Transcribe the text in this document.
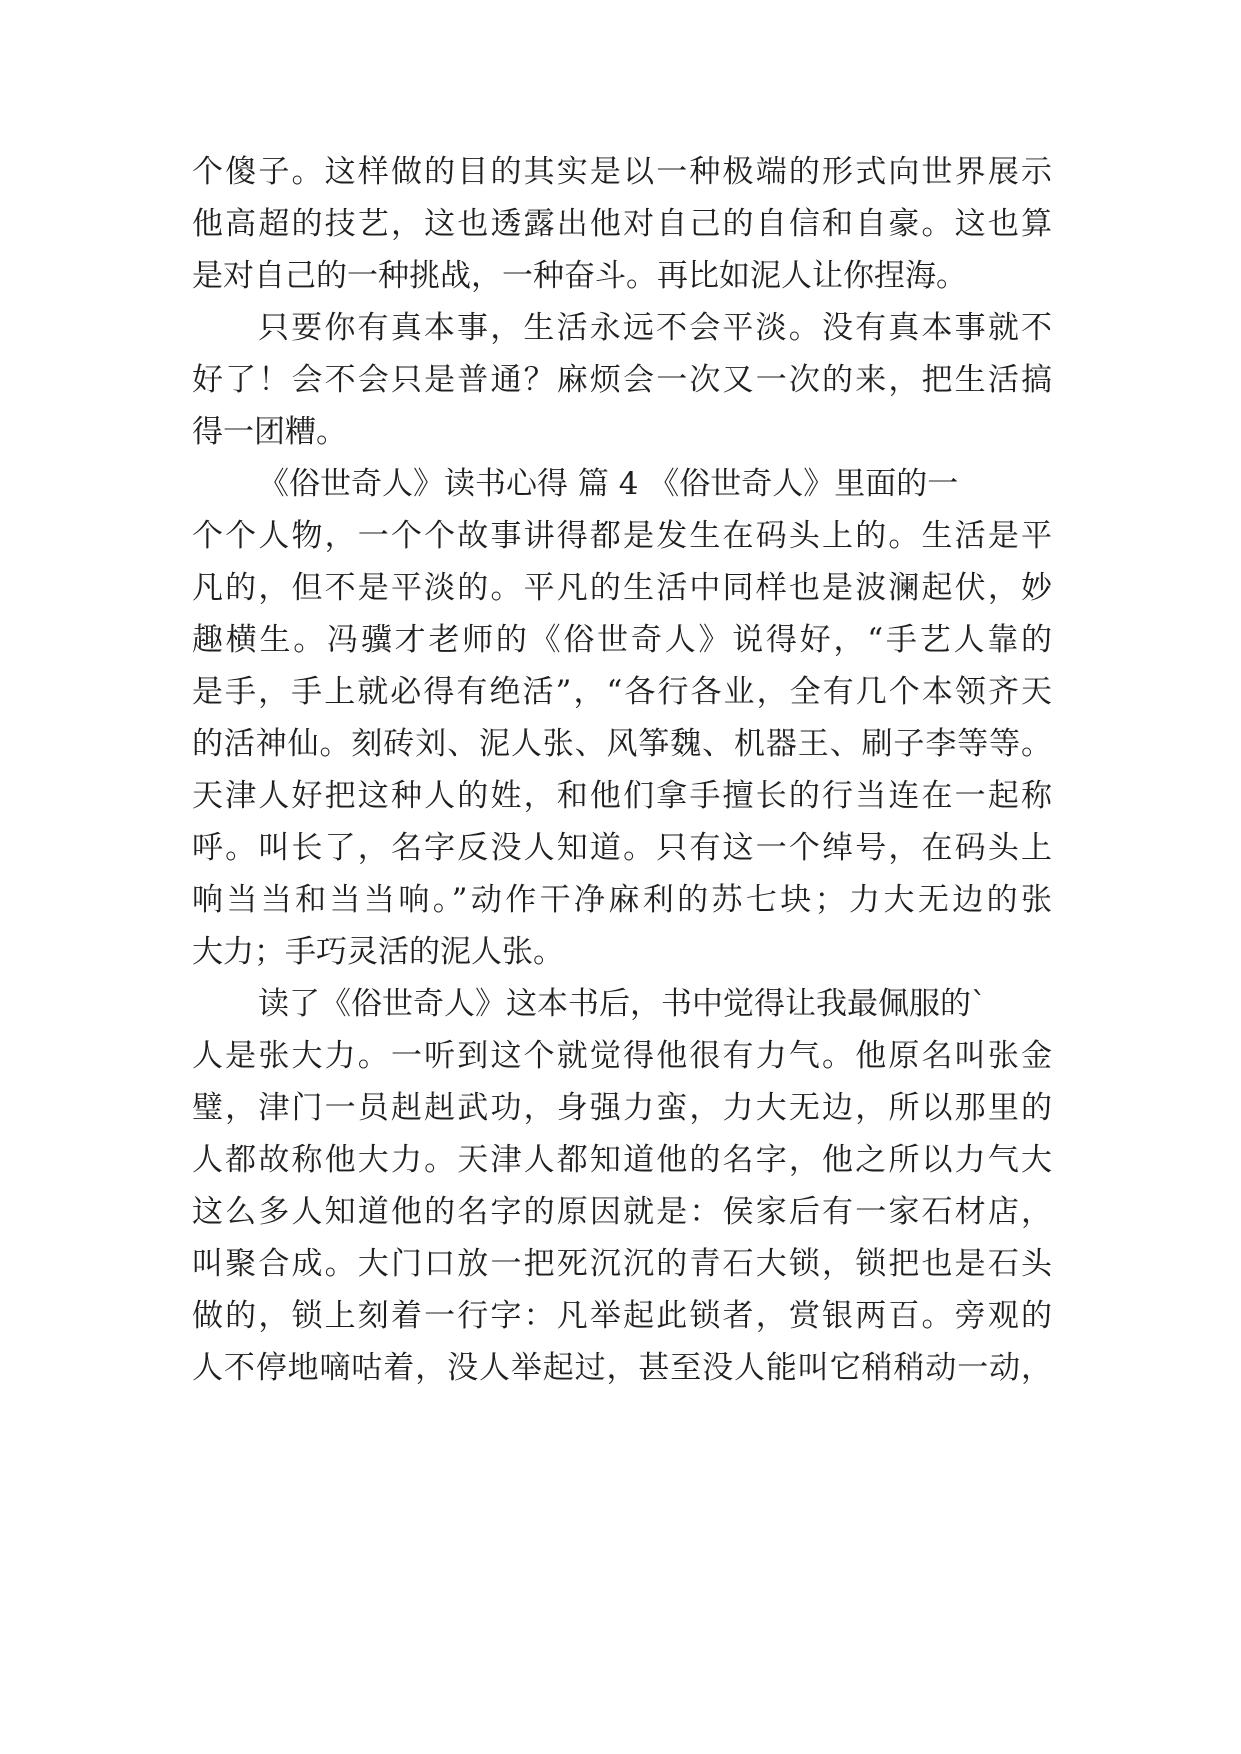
个傻子。这样做的目的其实是以一种极端的形式向世界展示
他高超的技艺，这也透露出他对自己的自信和自豪。这也算
是对自己的一种挑战，一种奋斗。再比如泥人让你捏海。
只要你有真本事，生活永远不会平淡。没有真本事就不
好了！会不会只是普通？麻烦会一次又一次的来，把生活搞
得一团糟。
《俗世奇人》读书心得 篇 4 《俗世奇人》里面的一
个个人物，一个个故事讲得都是发生在码头上的。生活是平
凡的，但不是平淡的。平凡的生活中同样也是波澜起伏，妙
趣横生。冯骥才老师的《俗世奇人》说得好，“手艺人靠的
是手，手上就必得有绝活”，“各行各业，全有几个本领齐天
的活神仙。刻砖刘、泥人张、风筝魏、机器王、刷子李等等。
天津人好把这种人的姓，和他们拿手擅长的行当连在一起称
呼。叫长了，名字反没人知道。只有这一个绰号，在码头上
响当当和当当响。”动作干净麻利的苏七块；力大无边的张
大力；手巧灵活的泥人张。
读了《俗世奇人》这本书后，书中觉得让我最佩服的`
人是张大力。一听到这个就觉得他很有力气。他原名叫张金
璧，津门一员赳赳武功，身强力蛮，力大无边，所以那里的
人都故称他大力。天津人都知道他的名字，他之所以力气大
这么多人知道他的名字的原因就是：侯家后有一家石材店，
叫聚合成。大门口放一把死沉沉的青石大锁，锁把也是石头
做的，锁上刻着一行字：凡举起此锁者，赏银两百。旁观的
人不停地嘀咕着，没人举起过，甚至没人能叫它稍稍动一动，
